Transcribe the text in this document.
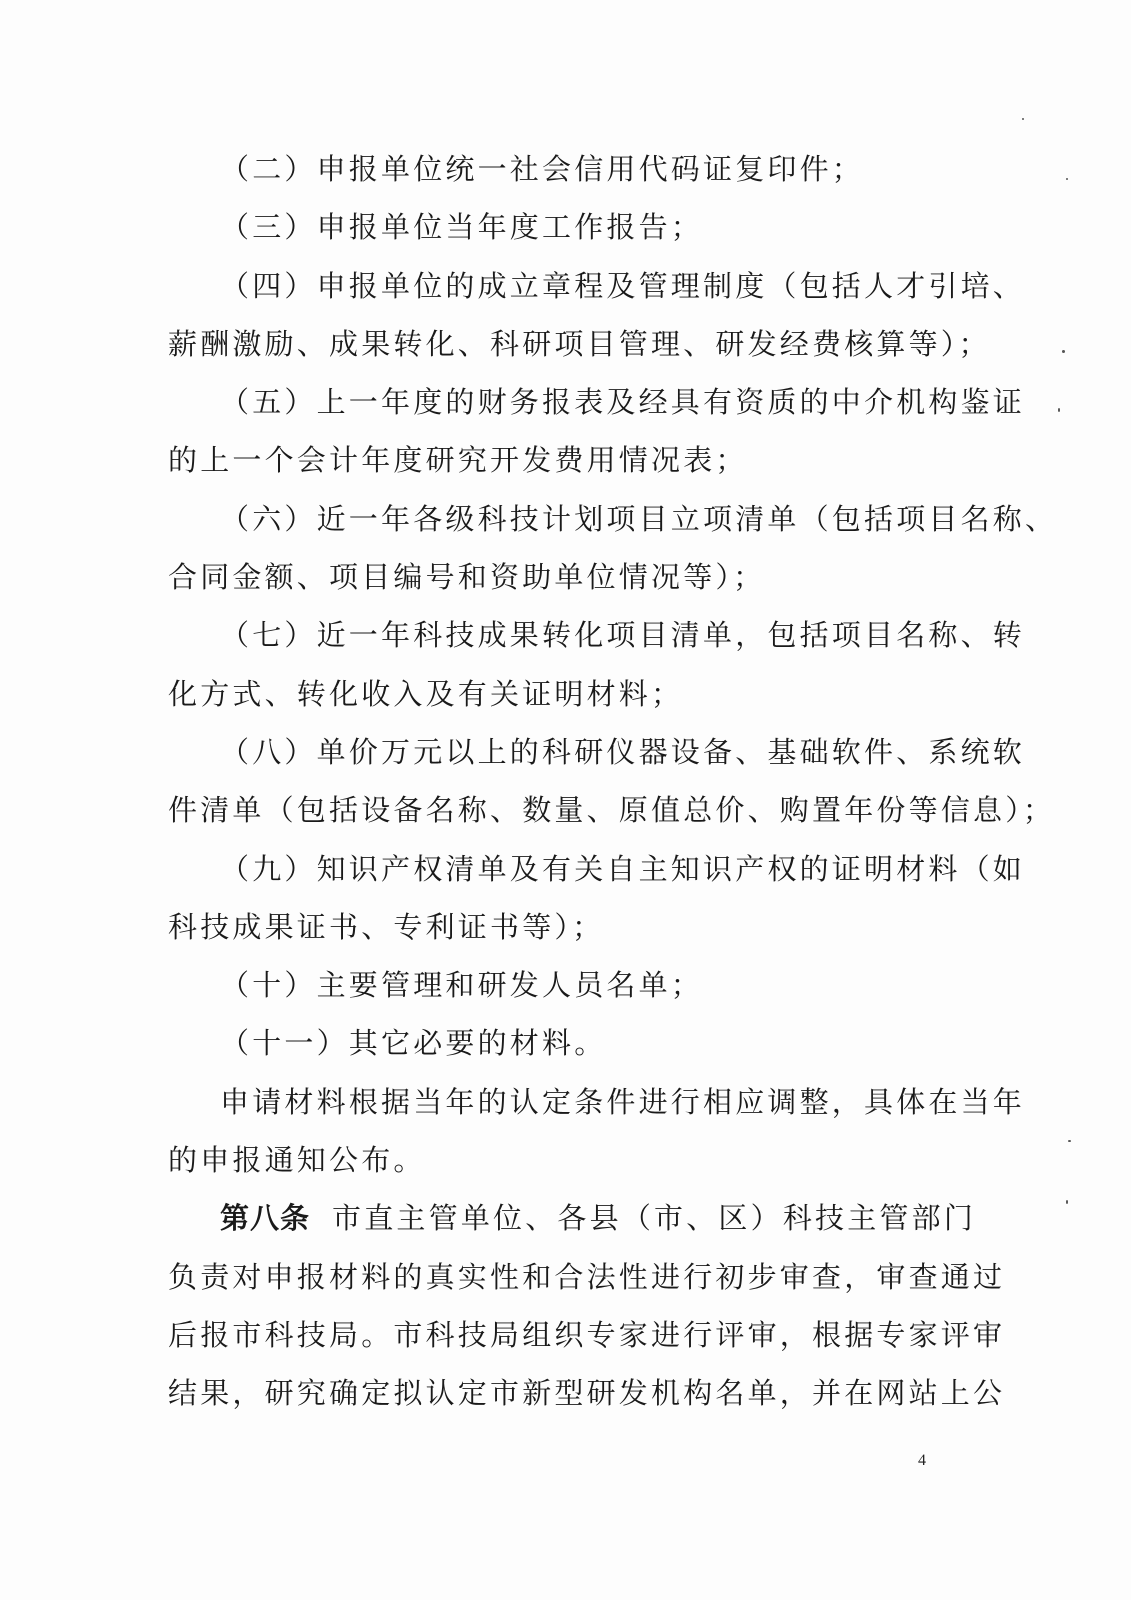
（二）申报单位统一社会信用代码证复印件；
（三）申报单位当年度工作报告；
（四）申报单位的成立章程及管理制度（包括人才引培、
薪酬激励、成果转化、科研项目管理、研发经费核算等）；
（五）上一年度的财务报表及经具有资质的中介机构鉴证
的上一个会计年度研究开发费用情况表；
（六）近一年各级科技计划项目立项清单（包括项目名称、
合同金额、项目编号和资助单位情况等）；
（七）近一年科技成果转化项目清单，包括项目名称、转
化方式、转化收入及有关证明材料；
（八）单价万元以上的科研仪器设备、基础软件、系统软
件清单（包括设备名称、数量、原值总价、购置年份等信息）；
（九）知识产权清单及有关自主知识产权的证明材料（如
科技成果证书、专利证书等）；
（十）主要管理和研发人员名单；
（十一）其它必要的材料。
申请材料根据当年的认定条件进行相应调整，具体在当年
的申报通知公布。
第八条 市直主管单位、各县（市、区）科技主管部门
负责对申报材料的真实性和合法性进行初步审查，审查通过
后报市科技局。市科技局组织专家进行评审，根据专家评审
结果，研究确定拟认定市新型研发机构名单，并在网站上公
4
